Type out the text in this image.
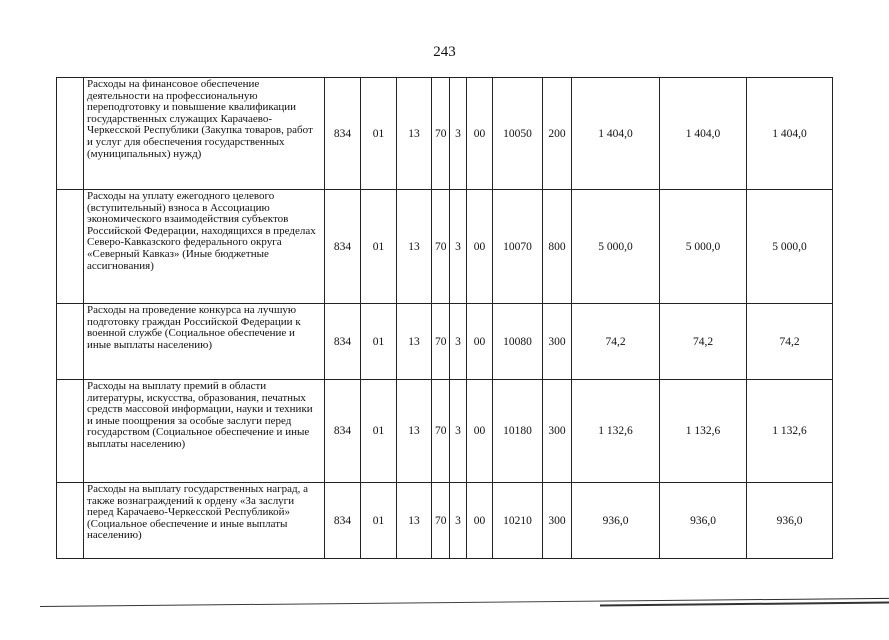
243
	Расходы на финансовое обеспечение деятельности на профессиональную переподготовку и повышение квалификации государственных служащих Карачаево-Черкесской Республики (Закупка товаров, работ и услуг для обеспечения государственных (муниципальных) нужд)	834	01	13	70	3	00	10050	200	1 404,0	1 404,0	1 404,0
	Расходы на уплату ежегодного целевого (вступительный) взноса в Ассоциацию экономического взаимодействия субъектов Российской Федерации, находящихся в пределах Северо-Кавказского федерального округа «Северный Кавказ» (Иные бюджетные ассигнования)	834	01	13	70	3	00	10070	800	5 000,0	5 000,0	5 000,0
	Расходы на проведение конкурса на лучшую подготовку граждан Российской Федерации к военной службе (Социальное обеспечение и иные выплаты населению)	834	01	13	70	3	00	10080	300	74,2	74,2	74,2
	Расходы на выплату премий в области литературы, искусства, образования, печатных средств массовой информации, науки и техники и иные поощрения за особые заслуги перед государством (Социальное обеспечение и иные выплаты населению)	834	01	13	70	3	00	10180	300	1 132,6	1 132,6	1 132,6
	Расходы на выплату государственных наград, а также вознаграждений к ордену «За заслуги перед Карачаево-Черкесской Республикой» (Социальное обеспечение и иные выплаты населению)	834	01	13	70	3	00	10210	300	936,0	936,0	936,0
